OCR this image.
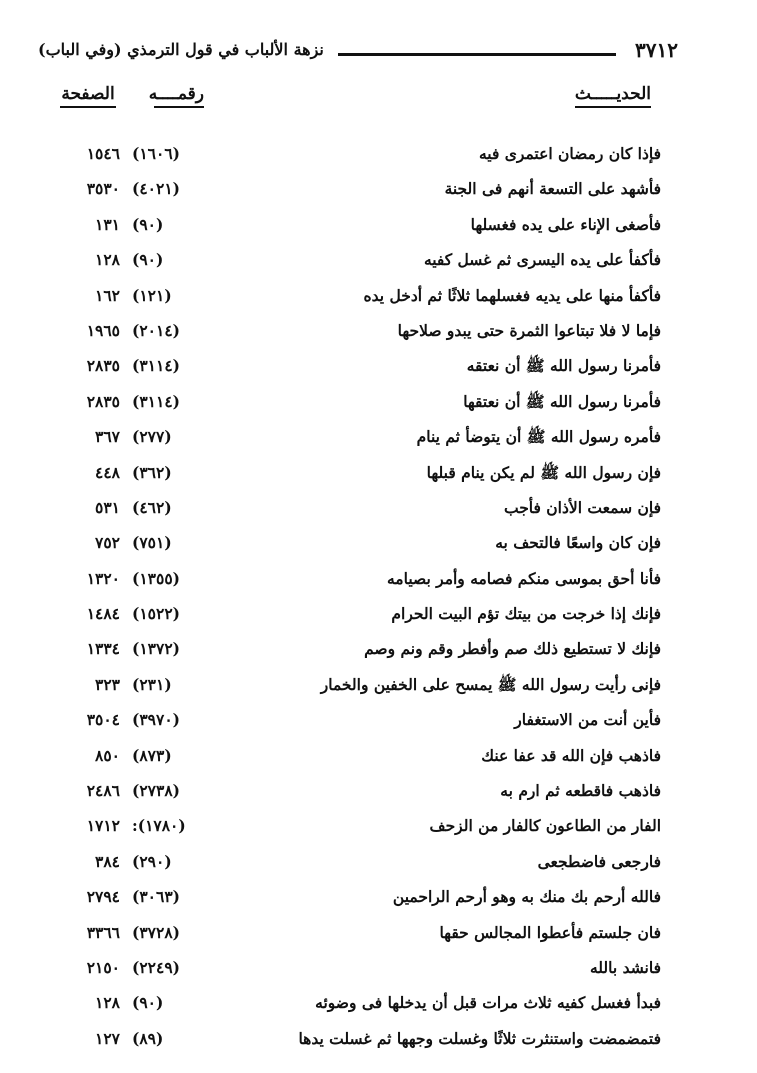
٣٧١٢
نزهة الألباب في قول الترمذي (وفي الباب)
الحديـــــث
رقمــــه
الصفحة
فإذا كان رمضان اعتمرى فيه
(١٦٠٦)
١٥٤٦
فأشهد على التسعة أنهم فى الجنة
(٤٠٢١)
٣٥٣٠
فأصغى الإناء على يده فغسلها
(٩٠)
١٣١
فأكفأ على يده اليسرى ثم غسل كفيه
(٩٠)
١٢٨
فأكفأ منها على يديه فغسلهما ثلاثًا ثم أدخل يده
(١٢١)
١٦٢
فإما لا فلا تبتاعوا الثمرة حتى يبدو صلاحها
(٢٠١٤)
١٩٦٥
فأمرنا رسول الله ﷺ أن نعتقه
(٣١١٤)
٢٨٣٥
فأمرنا رسول الله ﷺ أن نعتقها
(٣١١٤)
٢٨٣٥
فأمره رسول الله ﷺ أن يتوضأ ثم ينام
(٢٧٧)
٣٦٧
فإن رسول الله ﷺ لم يكن ينام قبلها
(٣٦٢)
٤٤٨
فإن سمعت الأذان فأجب
(٤٦٢)
٥٣١
فإن كان واسعًا فالتحف به
(٧٥١)
٧٥٢
فأنا أحق بموسى منكم فصامه وأمر بصيامه
(١٣٥٥)
١٣٢٠
فإنك إذا خرجت من بيتك تؤم البيت الحرام
(١٥٢٢)
١٤٨٤
فإنك لا تستطيع ذلك صم وأفطر وقم ونم وصم
(١٣٧٢)
١٣٣٤
فإنى رأيت رسول الله ﷺ يمسح على الخفين والخمار
(٢٣١)
٣٢٣
فأين أنت من الاستغفار
(٣٩٧٠)
٣٥٠٤
فاذهب فإن الله قد عفا عنك
(٨٧٣)
٨٥٠
فاذهب فاقطعه ثم ارم به
(٢٧٣٨)
٢٤٨٦
الفار من الطاعون كالفار من الزحف
:(١٧٨٠)
١٧١٢
فارجعى فاضطجعى
(٢٩٠)
٣٨٤
فالله أرحم بك منك به وهو أرحم الراحمين
(٣٠٦٣)
٢٧٩٤
فان جلستم فأعطوا المجالس حقها
(٣٧٢٨)
٣٣٦٦
فانشد بالله
(٢٢٤٩)
٢١٥٠
فبدأ فغسل كفيه ثلاث مرات قبل أن يدخلها فى وضوئه
(٩٠)
١٢٨
فتمضمضت واستنثرت ثلاثًا وغسلت وجهها ثم غسلت يدها
(٨٩)
١٢٧
